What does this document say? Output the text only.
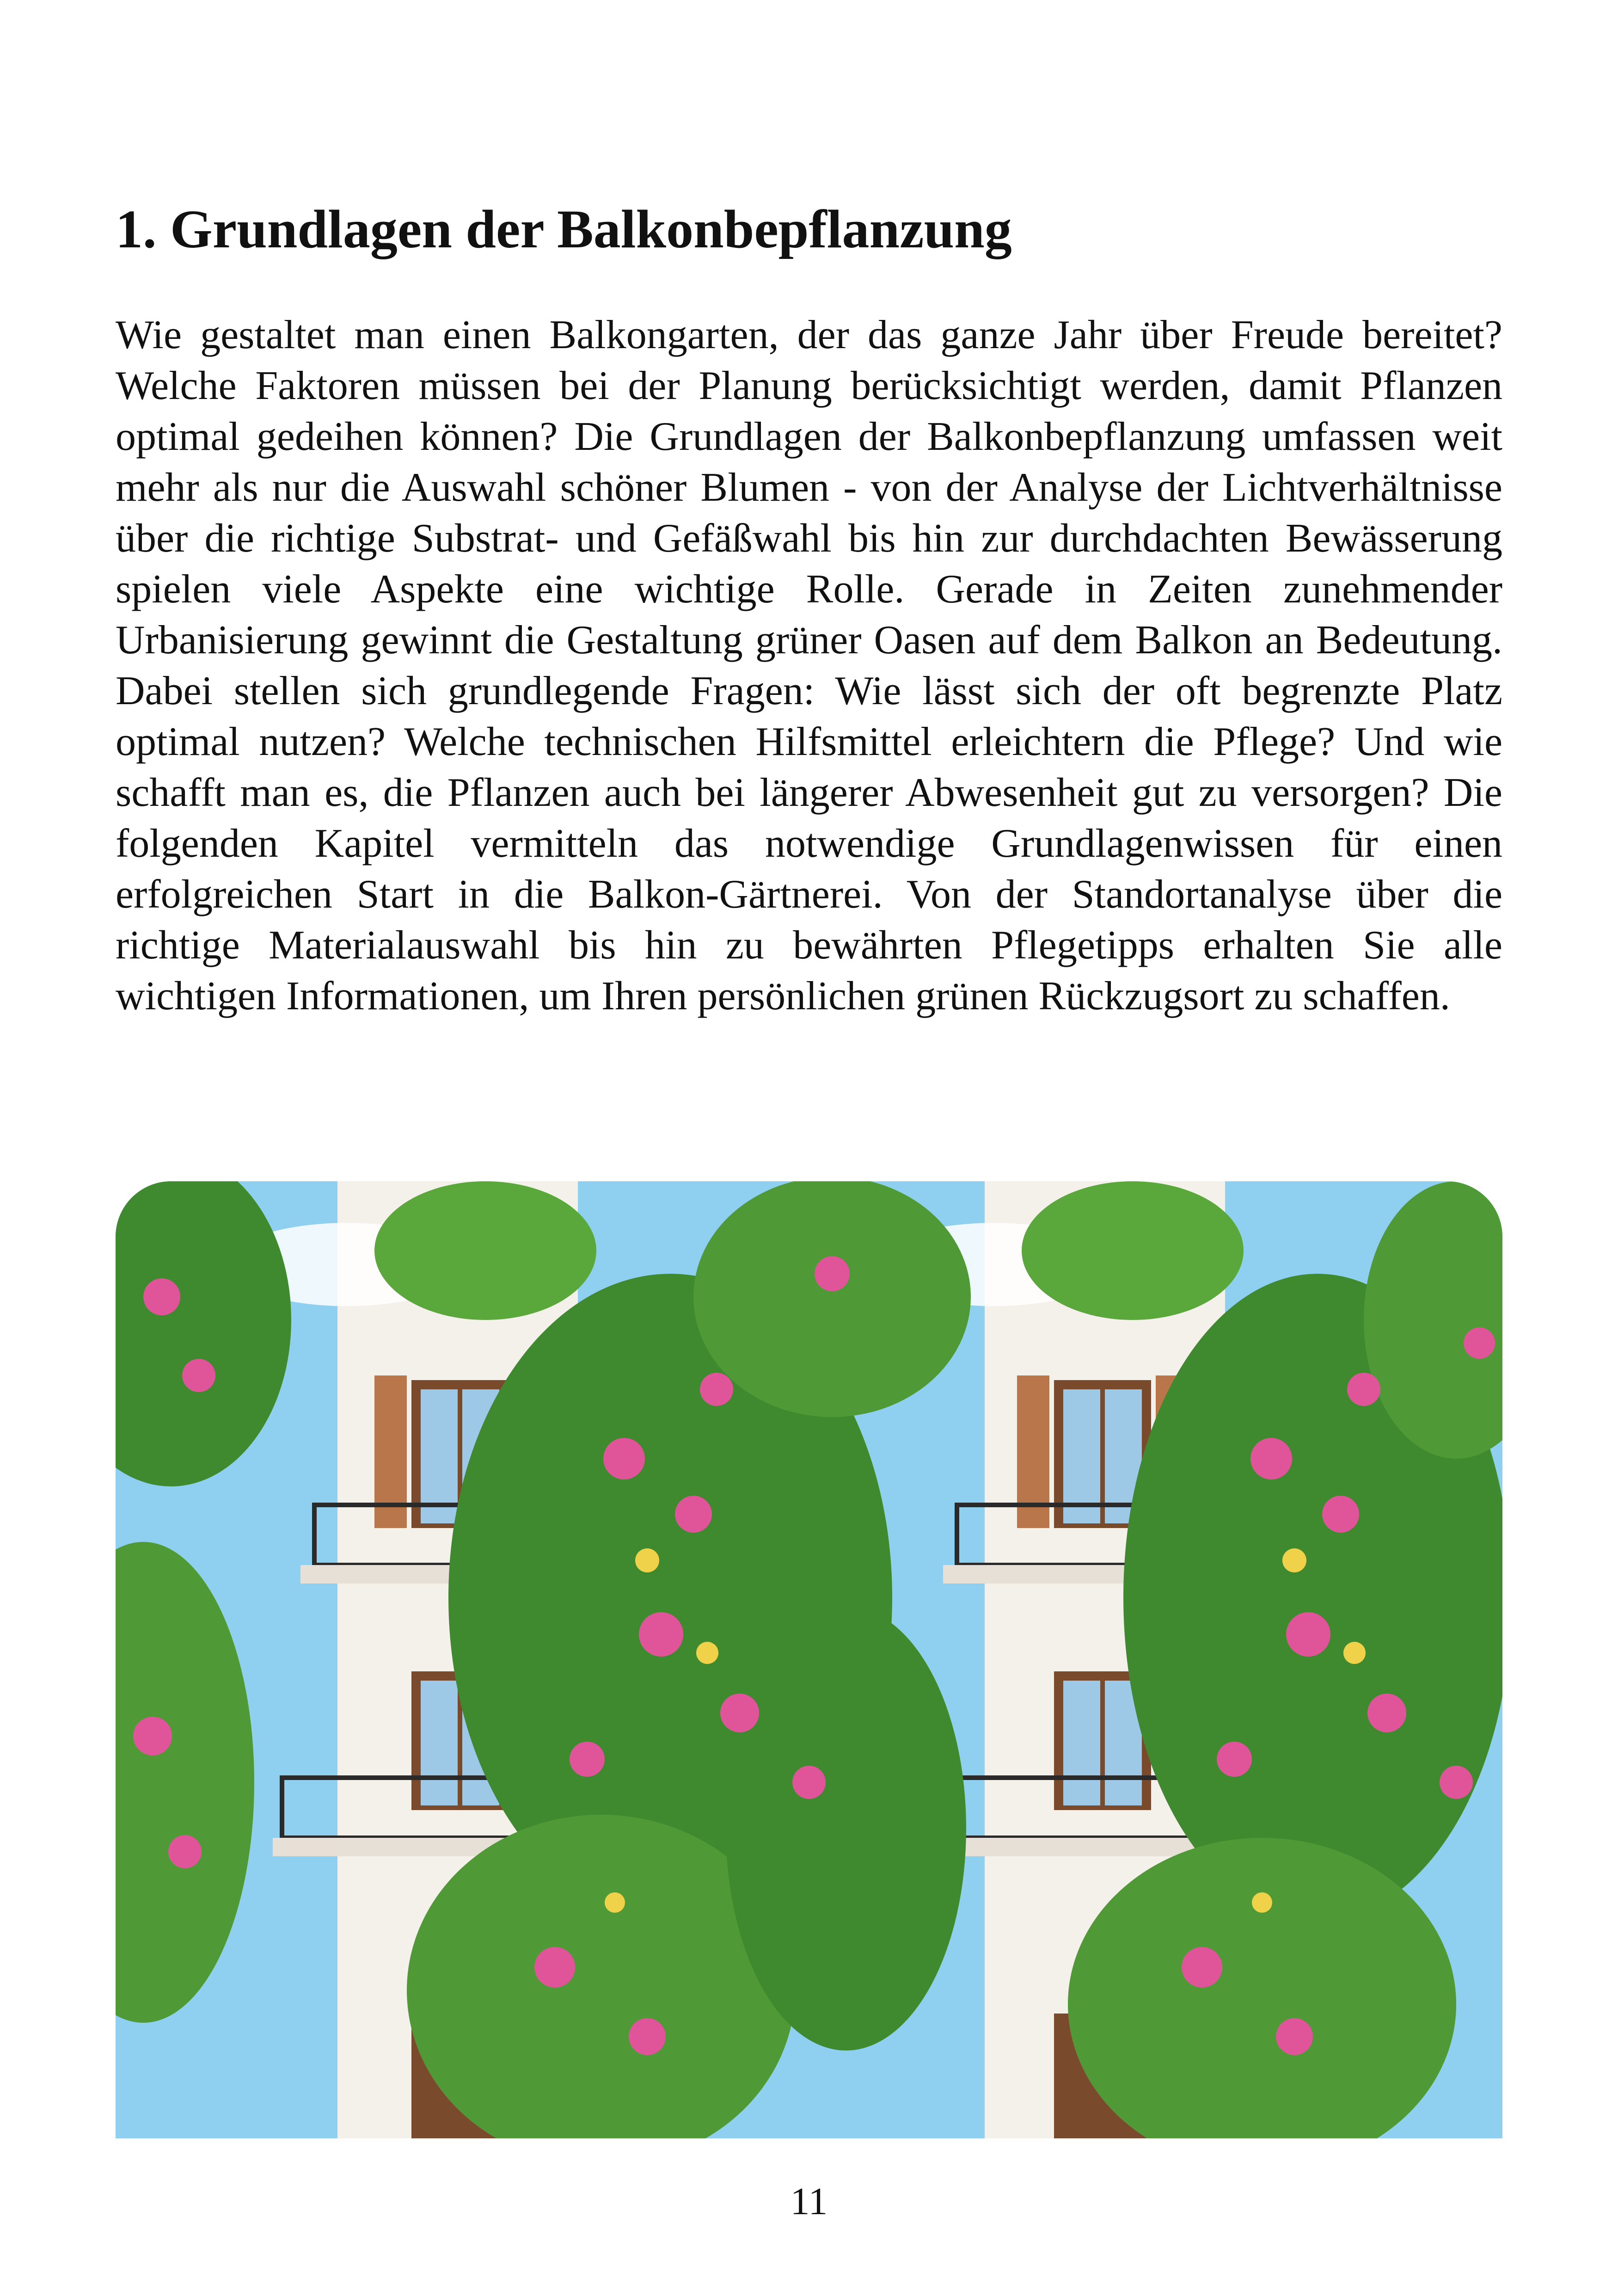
1. Grundlagen der Balkonbepflanzung

Wie gestaltet man einen Balkongarten, der das ganze Jahr über Freude bereitet? Welche Faktoren müssen bei der Planung berücksichtigt werden, damit Pflanzen optimal gedeihen können? Die Grundlagen der Balkonbepflanzung umfassen weit mehr als nur die Auswahl schöner Blumen - von der Analyse der Lichtverhältnisse über die richtige Substrat- und Gefäßwahl bis hin zur durchdachten Bewässerung spielen viele Aspekte eine wichtige Rolle. Gerade in Zeiten zunehmender Urbanisierung gewinnt die Gestaltung grüner Oasen auf dem Balkon an Bedeutung. Dabei stellen sich grundlegende Fragen: Wie lässt sich der oft begrenzte Platz optimal nutzen? Welche technischen Hilfsmittel erleichtern die Pflege? Und wie schafft man es, die Pflanzen auch bei längerer Abwesenheit gut zu versorgen? Die folgenden Kapitel vermitteln das notwendige Grundlagenwissen für einen erfolgreichen Start in die Balkon-Gärtnerei. Von der Standortanalyse über die richtige Materialauswahl bis hin zu bewährten Pflegetipps erhalten Sie alle wichtigen Informationen, um Ihren persönlichen grünen Rückzugsort zu schaffen.

11
